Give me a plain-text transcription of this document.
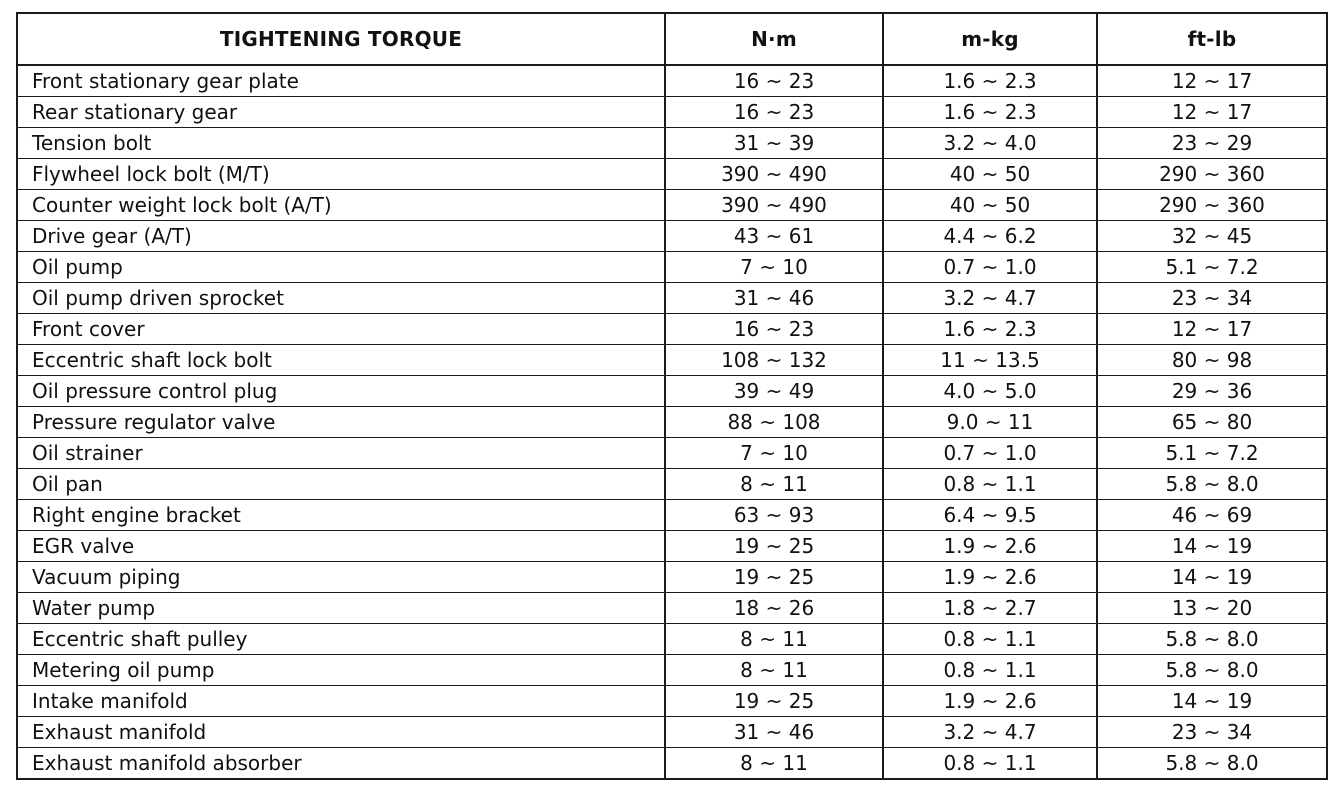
TIGHTENING TORQUE	N·m	m-kg	ft-lb
Front stationary gear plate	16 ~ 23	1.6 ~ 2.3	12 ~ 17
Rear stationary gear	16 ~ 23	1.6 ~ 2.3	12 ~ 17
Tension bolt	31 ~ 39	3.2 ~ 4.0	23 ~ 29
Flywheel lock bolt (M/T)	390 ~ 490	40 ~ 50	290 ~ 360
Counter weight lock bolt (A/T)	390 ~ 490	40 ~ 50	290 ~ 360
Drive gear (A/T)	43 ~ 61	4.4 ~ 6.2	32 ~ 45
Oil pump	7 ~ 10	0.7 ~ 1.0	5.1 ~ 7.2
Oil pump driven sprocket	31 ~ 46	3.2 ~ 4.7	23 ~ 34
Front cover	16 ~ 23	1.6 ~ 2.3	12 ~ 17
Eccentric shaft lock bolt	108 ~ 132	11 ~ 13.5	80 ~ 98
Oil pressure control plug	39 ~ 49	4.0 ~ 5.0	29 ~ 36
Pressure regulator valve	88 ~ 108	9.0 ~ 11	65 ~ 80
Oil strainer	7 ~ 10	0.7 ~ 1.0	5.1 ~ 7.2
Oil pan	8 ~ 11	0.8 ~ 1.1	5.8 ~ 8.0
Right engine bracket	63 ~ 93	6.4 ~ 9.5	46 ~ 69
EGR valve	19 ~ 25	1.9 ~ 2.6	14 ~ 19
Vacuum piping	19 ~ 25	1.9 ~ 2.6	14 ~ 19
Water pump	18 ~ 26	1.8 ~ 2.7	13 ~ 20
Eccentric shaft pulley	8 ~ 11	0.8 ~ 1.1	5.8 ~ 8.0
Metering oil pump	8 ~ 11	0.8 ~ 1.1	5.8 ~ 8.0
Intake manifold	19 ~ 25	1.9 ~ 2.6	14 ~ 19
Exhaust manifold	31 ~ 46	3.2 ~ 4.7	23 ~ 34
Exhaust manifold absorber	8 ~ 11	0.8 ~ 1.1	5.8 ~ 8.0
